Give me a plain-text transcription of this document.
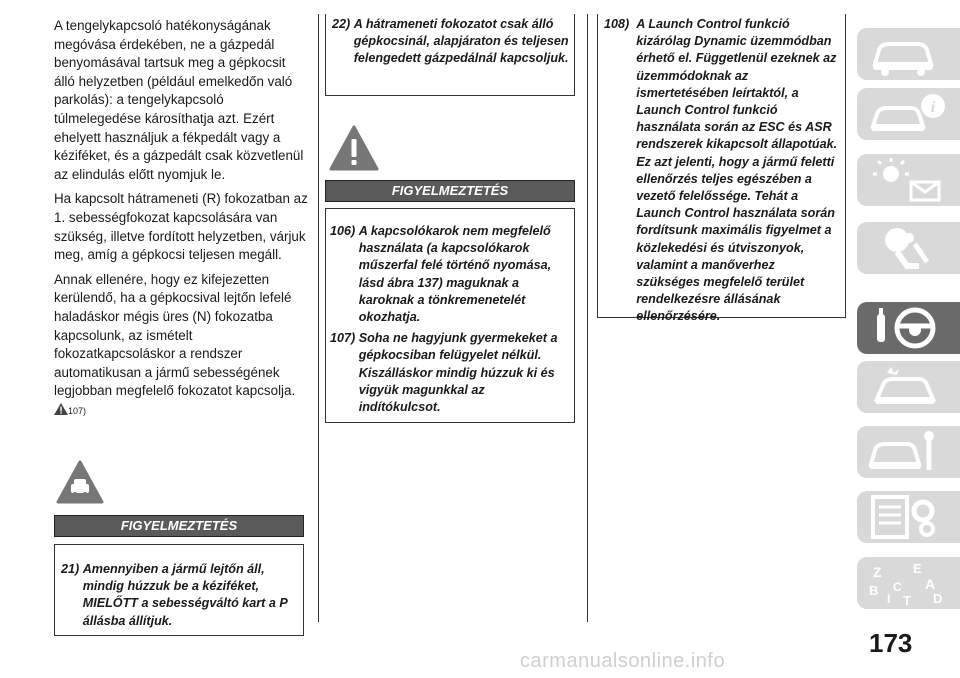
A tengelykapcsoló hatékonyságának megóvása érdekében, ne a gázpedál benyomásával tartsuk meg a gépkocsit álló helyzetben (például emelkedőn való parkolás): a tengelykapcsoló túlmelegedése károsíthatja azt. Ezért ehelyett használjuk a fékpedált vagy a kéziféket, és a gázpedált csak közvetlenül az elindulás előtt nyomjuk le.

Ha kapcsolt hátrameneti (R) fokozatban az 1. sebességfokozat kapcsolására van szükség, illetve fordított helyzetben, várjuk meg, amíg a gépkocsi teljesen megáll.

Annak ellenére, hogy ez kifejezetten kerülendő, ha a gépkocsival lejtőn lefelé haladáskor mégis üres (N) fokozatba kapcsolunk, az ismételt fokozatkapcsoláskor a rendszer automatikusan a jármű sebességének legjobban megfelelő fokozatot kapcsolja. 107)

FIGYELMEZTETÉS
21) Amennyiben a jármű lejtőn áll, mindig húzzuk be a kéziféket, MIELŐTT a sebességváltó kart a P állásba állítjuk.
22) A hátrameneti fokozatot csak álló gépkocsinál, alapjáraton és teljesen felengedett gázpedálnál kapcsoljuk.
FIGYELMEZTETÉS
106) A kapcsolókarok nem megfelelő használata (a kapcsolókarok műszerfal felé történő nyomása, lásd ábra 137) maguknak a karoknak a tönkremenetelét okozhatja.
107) Soha ne hagyjunk gyermekeket a gépkocsiban felügyelet nélkül. Kiszálláskor mindig húzzuk ki és vigyük magunkkal az indítókulcsot.
108) A Launch Control funkció kizárólag Dynamic üzemmódban érhető el. Függetlenül ezeknek az üzemmódoknak az ismertetésében leírtaktól, a Launch Control funkció használata során az ESC és ASR rendszerek kikapcsolt állapotúak. Ez azt jelenti, hogy a jármű feletti ellenőrzés teljes egészében a vezető felelőssége. Tehát a Launch Control használata során fordítsunk maximális figyelmet a közlekedési és útviszonyok, valamint a manőverhez szükséges megfelelő terület rendelkezésre állásának ellenőrzésére.
i
Z E
A
B
I
C
T D
173
carmanualsonline.info
